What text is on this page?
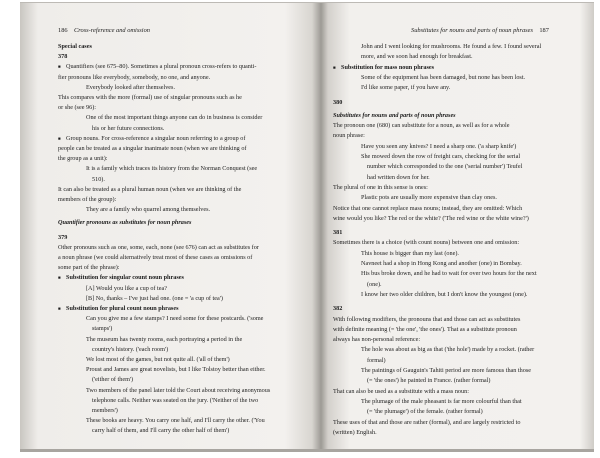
186 Cross-reference and omission
Special cases
378
■ Quantifiers (see 675–80). Sometimes a plural pronoun cross-refers to quanti-
fier pronouns like everybody, somebody, no one, and anyone.
Everybody looked after themselves.
This compares with the more (formal) use of singular pronouns such as he
or she (see 96):
One of the most important things anyone can do in business is consider
his or her future connections.
■ Group nouns. For cross-reference a singular noun referring to a group of
people can be treated as a singular inanimate noun (when we are thinking of
the group as a unit):
It is a family which traces its history from the Norman Conquest (see
510).
It can also be treated as a plural human noun (when we are thinking of the
members of the group):
They are a family who quarrel among themselves.
Quantifier pronouns as substitutes for noun phrases
379
Other pronouns such as one, some, each, none (see 676) can act as substitutes for
a noun phrase (we could alternatively treat most of these cases as omissions of
some part of the phrase):
■ Substitution for singular count noun phrases
[A] Would you like a cup of tea?
[B] No, thanks – I've just had one. (one = 'a cup of tea')
■ Substitution for plural count noun phrases
Can you give me a few stamps? I need some for these postcards. ('some
stamps')
The museum has twenty rooms, each portraying a period in the
country's history. ('each room')
We lost most of the games, but not quite all. ('all of them')
Proust and James are great novelists, but I like Tolstoy better than either.
('either of them')
Two members of the panel later told the Court about receiving anonymous
telephone calls. Neither was seated on the jury. ('Neither of the two
members')
These books are heavy. You carry one half, and I'll carry the other. ('You
carry half of them, and I'll carry the other half of them')
Substitutes for nouns and parts of noun phrases 187
John and I went looking for mushrooms. He found a few. I found several
more, and we soon had enough for breakfast.
■ Substitution for mass noun phrases
Some of the equipment has been damaged, but none has been lost.
I'd like some paper, if you have any.
380
Substitutes for nouns and parts of noun phrases
The pronoun one (680) can substitute for a noun, as well as for a whole
noun phrase:
Have you seen any knives? I need a sharp one. ('a sharp knife')
She mowed down the row of freight cars, checking for the serial
number which corresponded to the one ('serial number') Teufel
had written down for her.
The plural of one in this sense is ones:
Plastic pots are usually more expensive than clay ones.
Notice that one cannot replace mass nouns; instead, they are omitted: Which
wine would you like? The red or the white? ('The red wine or the white wine?')
381
Sometimes there is a choice (with count nouns) between one and omission:
This house is bigger than my last (one).
Navneet had a shop in Hong Kong and another (one) in Bombay.
His bus broke down, and he had to wait for over two hours for the next
(one).
I know her two older children, but I don't know the youngest (one).
382
With following modifiers, the pronouns that and those can act as substitutes
with definite meaning (= 'the one', 'the ones'). That as a substitute pronoun
always has non-personal reference:
The hole was about as big as that ('the hole') made by a rocket. (rather
formal)
The paintings of Gauguin's Tahiti period are more famous than those
(= 'the ones') he painted in France. (rather formal)
That can also be used as a substitute with a mass noun:
The plumage of the male pheasant is far more colourful than that
(= 'the plumage') of the female. (rather formal)
These uses of that and those are rather (formal), and are largely restricted to
(written) English.
